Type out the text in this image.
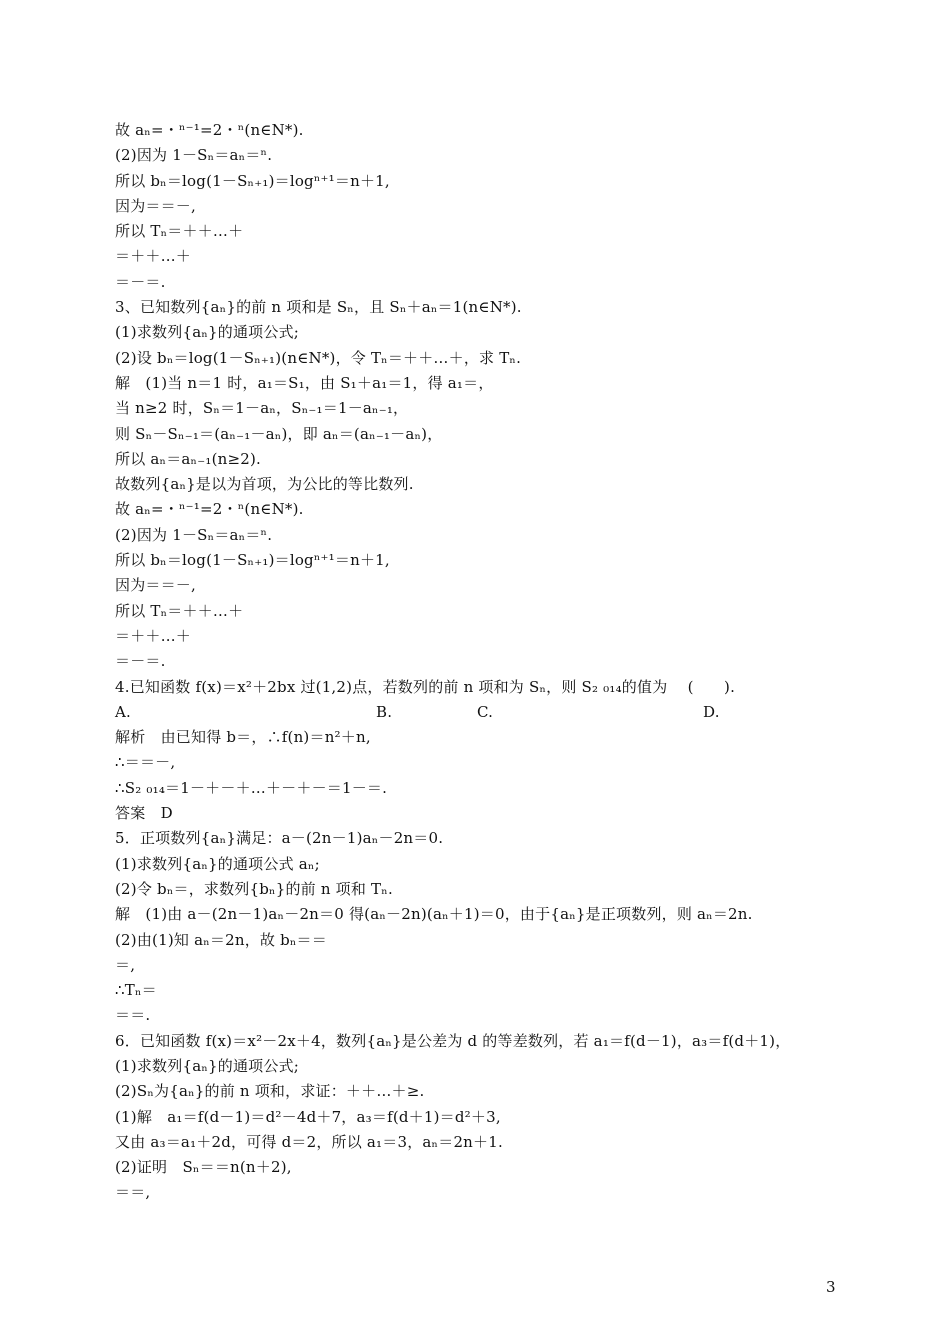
故 aₙ=・ⁿ⁻¹=2・ⁿ(n∈N*).
(2)因为 1－Sₙ＝aₙ＝ⁿ.
所以 bₙ＝log(1－Sₙ₊₁)＝logⁿ⁺¹＝n＋1,
因为＝＝－,
所以 Tₙ＝＋＋…＋
＝＋＋…＋
＝－＝.
3、已知数列{aₙ}的前 n 项和是 Sₙ，且 Sₙ＋aₙ＝1(n∈N*).
(1)求数列{aₙ}的通项公式;
(2)设 bₙ＝log(1－Sₙ₊₁)(n∈N*)，令 Tₙ＝＋＋…＋，求 Tₙ.
解　(1)当 n＝1 时，a₁＝S₁，由 S₁＋a₁＝1，得 a₁＝，
当 n≥2 时，Sₙ＝1－aₙ，Sₙ₋₁＝1－aₙ₋₁，
则 Sₙ－Sₙ₋₁＝(aₙ₋₁－aₙ)，即 aₙ＝(aₙ₋₁－aₙ)，
所以 aₙ＝aₙ₋₁(n≥2).
故数列{aₙ}是以为首项，为公比的等比数列.
故 aₙ=・ⁿ⁻¹=2・ⁿ(n∈N*).
(2)因为 1－Sₙ＝aₙ＝ⁿ.
所以 bₙ＝log(1－Sₙ₊₁)＝logⁿ⁺¹＝n＋1,
因为＝＝－,
所以 Tₙ＝＋＋…＋
＝＋＋…＋
＝－＝.
4.已知函数 f(x)＝x²＋2bx 过(1,2)点，若数列的前 n 项和为 Sₙ，则 S₂ ₀₁₄的值为　 (　　).
A.	B.	C.	D.
解析　由已知得 b＝，∴f(n)＝n²＋n,
∴＝＝－,
∴S₂ ₀₁₄＝1－＋－＋…＋－＋－＝1－＝.
答案　D
5．正项数列{aₙ}满足：a－(2n－1)aₙ－2n＝0.
(1)求数列{aₙ}的通项公式 aₙ;
(2)令 bₙ＝，求数列{bₙ}的前 n 项和 Tₙ.
解　(1)由 a－(2n－1)aₙ－2n＝0 得(aₙ－2n)(aₙ＋1)＝0，由于{aₙ}是正项数列，则 aₙ＝2n.
(2)由(1)知 aₙ＝2n，故 bₙ＝＝
＝,
∴Tₙ＝
＝＝.
6．已知函数 f(x)＝x²－2x＋4，数列{aₙ}是公差为 d 的等差数列，若 a₁＝f(d－1)，a₃＝f(d＋1)，
(1)求数列{aₙ}的通项公式;
(2)Sₙ为{aₙ}的前 n 项和，求证：＋＋…＋≥.
(1)解　a₁＝f(d－1)＝d²－4d＋7，a₃＝f(d＋1)＝d²＋3,
又由 a₃＝a₁＋2d，可得 d＝2，所以 a₁＝3，aₙ＝2n＋1.
(2)证明　Sₙ＝＝n(n＋2),
＝＝,
3
